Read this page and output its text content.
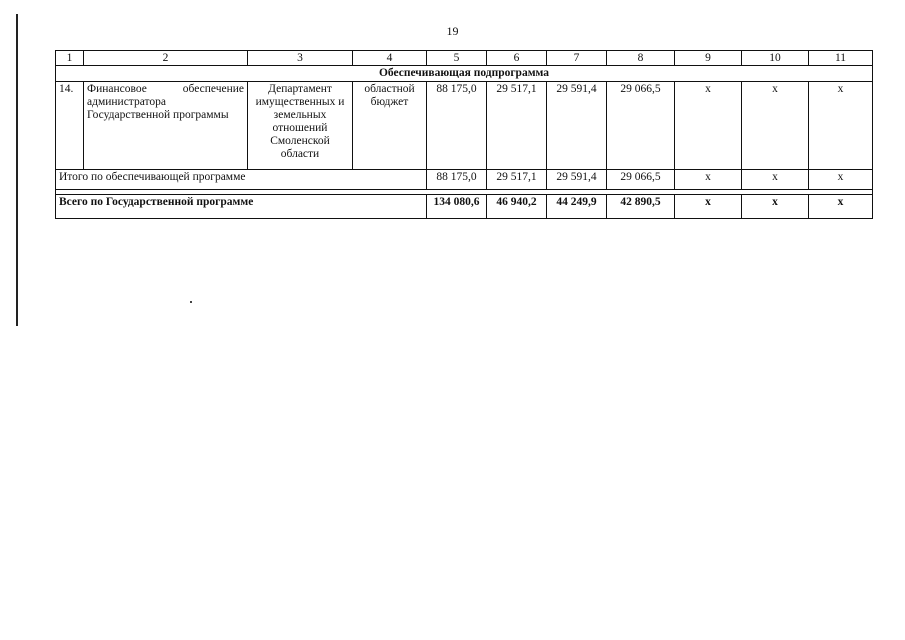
19
1	2	3	4	5	6	7	8	9	10	11
Обеспечивающая подпрограмма										
14.	Финансовое обеспечение администратора Государственной программы	Департамент имущественных и земельных отношений Смоленской области	областной бюджет	88 175,0	29 517,1	29 591,4	29 066,5	x	x	x
Итого по обеспечивающей программе				88 175,0	29 517,1	29 591,4	29 066,5	x	x	x

Всего по Государственной программе				134 080,6	46 940,2	44 249,9	42 890,5	x	x	x
